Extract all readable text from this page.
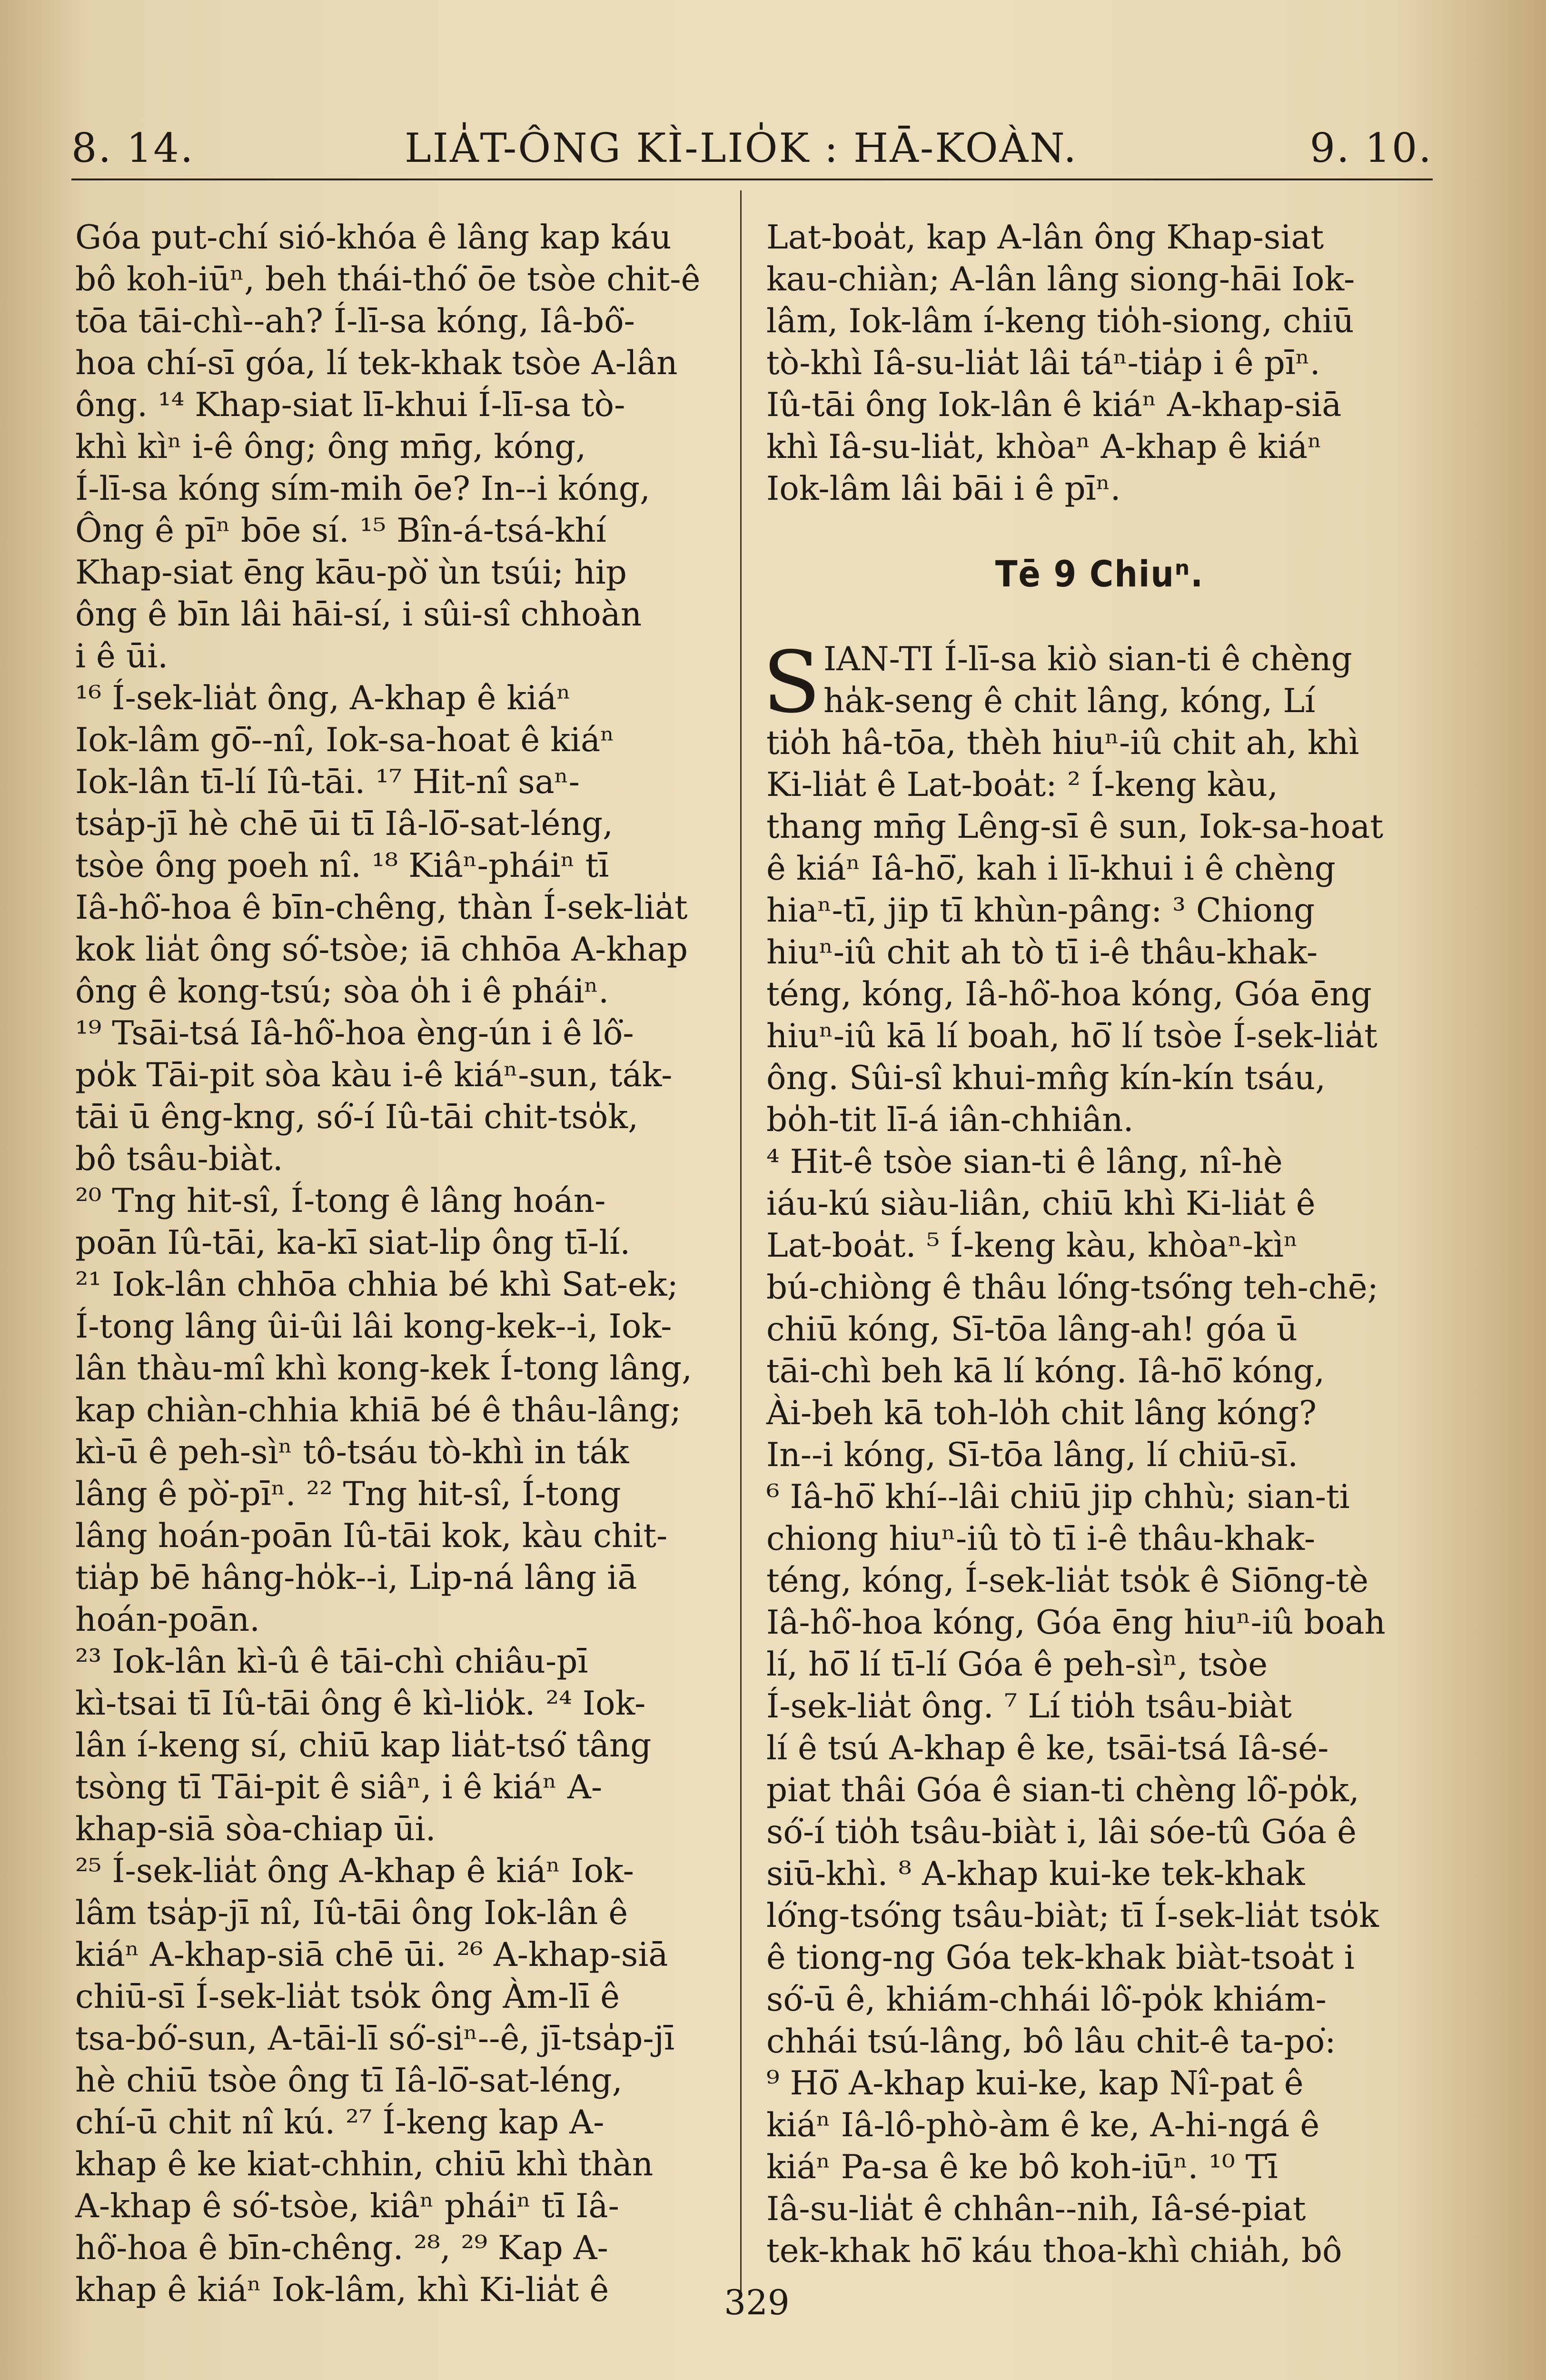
8. 14.	LIA̍T-ÔNG KÌ-LIO̍K : HĀ-KOÀN.	9. 10.
Góa put-chí sió-khóa ê lâng kap káu
bô koh-iūⁿ, beh thái-thó͘ ōe tsòe chit-ê
tōa tāi-chì--ah? Í-lī-sa kóng, Iâ-bô͘-
hoa chí-sī góa, lí tek-khak tsòe A-lân
ông. ¹⁴ Khap-siat lī-khui Í-lī-sa tò-
khì kìⁿ i-ê ông; ông mn̄g, kóng,
Í-lī-sa kóng sím-mih ōe? In--i kóng,
Ông ê pīⁿ bōe sí. ¹⁵ Bîn-á-tsá-khí
Khap-siat ēng kāu-pò͘ ùn tsúi; hip
ông ê bīn lâi hāi-sí, i sûi-sî chhoàn
i ê ūi.
¹⁶ Í-sek-lia̍t ông, A-khap ê kiáⁿ
Iok-lâm gō͘--nî, Iok-sa-hoat ê kiáⁿ
Iok-lân tī-lí Iû-tāi. ¹⁷ Hit-nî saⁿ-
tsa̍p-jī hè chē ūi tī Iâ-lō͘-sat-léng,
tsòe ông poeh nî. ¹⁸ Kiâⁿ-pháiⁿ tī
Iâ-hô͘-hoa ê bīn-chêng, thàn Í-sek-lia̍t
kok lia̍t ông só͘-tsòe; iā chhōa A-khap
ông ê kong-tsú; sòa o̍h i ê pháiⁿ.
¹⁹ Tsāi-tsá Iâ-hô͘-hoa èng-ún i ê lô͘-
po̍k Tāi-pit sòa kàu i-ê kiáⁿ-sun, ták-
tāi ū êng-kng, só͘-í Iû-tāi chit-tso̍k,
bô tsâu-biàt.
²⁰ Tng hit-sî, Í-tong ê lâng hoán-
poān Iû-tāi, ka-kī siat-li̍p ông tī-lí.
²¹ Iok-lân chhōa chhia bé khì Sat-ek;
Í-tong lâng ûi-ûi lâi kong-kek--i, Iok-
lân thàu-mî khì kong-kek Í-tong lâng,
kap chiàn-chhia khiā bé ê thâu-lâng;
kì-ū ê peh-sìⁿ tô-tsáu tò-khì in ták
lâng ê pò͘-pīⁿ. ²² Tng hit-sî, Í-tong
lâng hoán-poān Iû-tāi kok, kàu chit-
tia̍p bē hâng-ho̍k--i, Li̍p-ná lâng iā
hoán-poān.
²³ Iok-lân kì-û ê tāi-chì chiâu-pī
kì-tsai tī Iû-tāi ông ê kì-lio̍k. ²⁴ Iok-
lân í-keng sí, chiū kap lia̍t-tsó͘ tâng
tsòng tī Tāi-pit ê siâⁿ, i ê kiáⁿ A-
khap-siā sòa-chiap ūi.
²⁵ Í-sek-lia̍t ông A-khap ê kiáⁿ Iok-
lâm tsa̍p-jī nî, Iû-tāi ông Iok-lân ê
kiáⁿ A-khap-siā chē ūi. ²⁶ A-khap-siā
chiū-sī Í-sek-lia̍t tso̍k ông Àm-lī ê
tsa-bó͘-sun, A-tāi-lī só͘-siⁿ--ê, jī-tsa̍p-jī
hè chiū tsòe ông tī Iâ-lō͘-sat-léng,
chí-ū chit nî kú. ²⁷ Í-keng kap A-
khap ê ke kiat-chhin, chiū khì thàn
A-khap ê só͘-tsòe, kiâⁿ pháiⁿ tī Iâ-
hô͘-hoa ê bīn-chêng. ²⁸, ²⁹ Kap A-
khap ê kiáⁿ Iok-lâm, khì Ki-lia̍t ê
Lat-boa̍t, kap A-lân ông Khap-siat
kau-chiàn; A-lân lâng siong-hāi Iok-
lâm, Iok-lâm í-keng tio̍h-siong, chiū
tò-khì Iâ-su-lia̍t lâi táⁿ-tia̍p i ê pīⁿ.
Iû-tāi ông Iok-lân ê kiáⁿ A-khap-siā
khì Iâ-su-lia̍t, khòaⁿ A-khap ê kiáⁿ
Iok-lâm lâi bāi i ê pīⁿ.
Tē 9 Chiuⁿ.
S IAN-TI Í-lī-sa kiò sian-ti ê chèng
ha̍k-seng ê chit lâng, kóng, Lí
tio̍h hâ-tōa, thèh hiuⁿ-iû chit ah, khì
Ki-lia̍t ê Lat-boa̍t: ² Í-keng kàu,
thang mn̄g Lêng-sī ê sun, Iok-sa-hoat
ê kiáⁿ Iâ-hō͘, kah i lī-khui i ê chèng
hiaⁿ-tī, jip tī khùn-pâng: ³ Chiong
hiuⁿ-iû chit ah tò tī i-ê thâu-khak-
téng, kóng, Iâ-hô͘-hoa kóng, Góa ēng
hiuⁿ-iû kā lí boah, hō͘ lí tsòe Í-sek-lia̍t
ông. Sûi-sî khui-mn̂g kín-kín tsáu,
bo̍h-tit lī-á iân-chhiân.
⁴ Hit-ê tsòe sian-ti ê lâng, nî-hè
iáu-kú siàu-liân, chiū khì Ki-lia̍t ê
Lat-boa̍t. ⁵ Í-keng kàu, khòaⁿ-kìⁿ
bú-chiòng ê thâu ló͘ng-tsó͘ng teh-chē;
chiū kóng, Sī-tōa lâng-ah! góa ū
tāi-chì beh kā lí kóng. Iâ-hō͘ kóng,
Ài-beh kā toh-lo̍h chit lâng kóng?
In--i kóng, Sī-tōa lâng, lí chiū-sī.
⁶ Iâ-hō͘ khí--lâi chiū jip chhù; sian-ti
chiong hiuⁿ-iû tò tī i-ê thâu-khak-
téng, kóng, Í-sek-lia̍t tso̍k ê Siōng-tè
Iâ-hô͘-hoa kóng, Góa ēng hiuⁿ-iû boah
lí, hō͘ lí tī-lí Góa ê peh-sìⁿ, tsòe
Í-sek-lia̍t ông. ⁷ Lí tio̍h tsâu-biàt
lí ê tsú A-khap ê ke, tsāi-tsá Iâ-sé-
piat thâi Góa ê sian-ti chèng lô͘-po̍k,
só͘-í tio̍h tsâu-biàt i, lâi sóe-tû Góa ê
siū-khì. ⁸ A-khap kui-ke tek-khak
ló͘ng-tsó͘ng tsâu-biàt; tī Í-sek-lia̍t tso̍k
ê tiong-ng Góa tek-khak biàt-tsoa̍t i
só͘-ū ê, khiám-chhái lô͘-po̍k khiám-
chhái tsú-lâng, bô lâu chit-ê ta-po͘:
⁹ Hō͘ A-khap kui-ke, kap Nî-pat ê
kiáⁿ Iâ-lô-phò-àm ê ke, A-hi-ngá ê
kiáⁿ Pa-sa ê ke bô koh-iūⁿ. ¹⁰ Tī
Iâ-su-lia̍t ê chhân--nih, Iâ-sé-piat
tek-khak hō͘ káu thoa-khì chia̍h, bô
329
